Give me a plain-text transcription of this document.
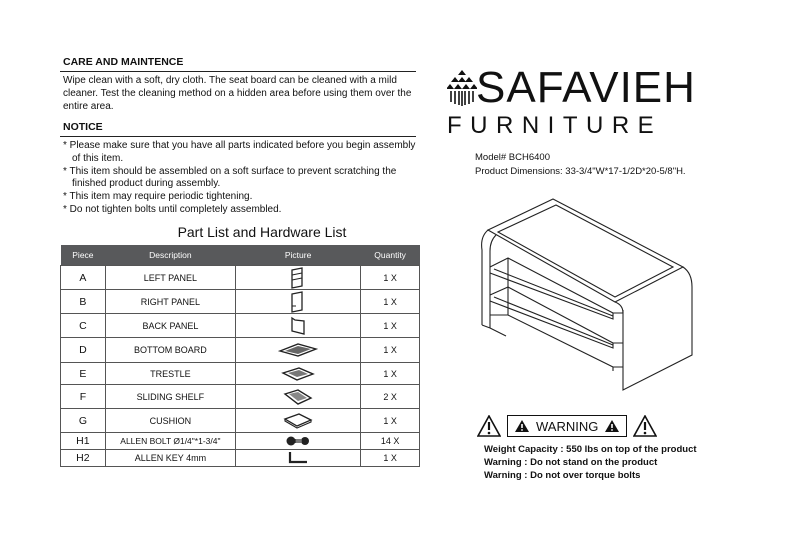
CARE AND MAINTENCE
Wipe clean with a soft, dry cloth. The seat board can be cleaned with a mild cleaner. Test the cleaning method on a hidden area before using them over the entire area.
NOTICE

* Please make sure that you have all parts indicated before you begin assembly of this item.

* This item should be assembled on a soft surface to prevent scratching the finished product during assembly.

* This item may require periodic tightening.

* Do not tighten bolts until completely assembled.

Part List and Hardware List
Piece	Description	Picture	Quantity
A	LEFT PANEL		1 X
B	RIGHT PANEL		1 X
C	BACK PANEL		1 X
D	BOTTOM BOARD		1 X
E	TRESTLE		1 X
F	SLIDING SHELF		2 X
G	CUSHION		1 X
H1	ALLEN BOLT Ø1/4"*1-3/4"		14 X
H2	ALLEN KEY 4mm		1 X
SAFAVIEH
FURNITURE
Model# BCH6400
Product Dimensions: 33-3/4"W*17-1/2D*20-5/8"H.
WARNING
Weight Capacity : 550 lbs on top of the product
Warning : Do not stand on the product
Warning : Do not over torque bolts
